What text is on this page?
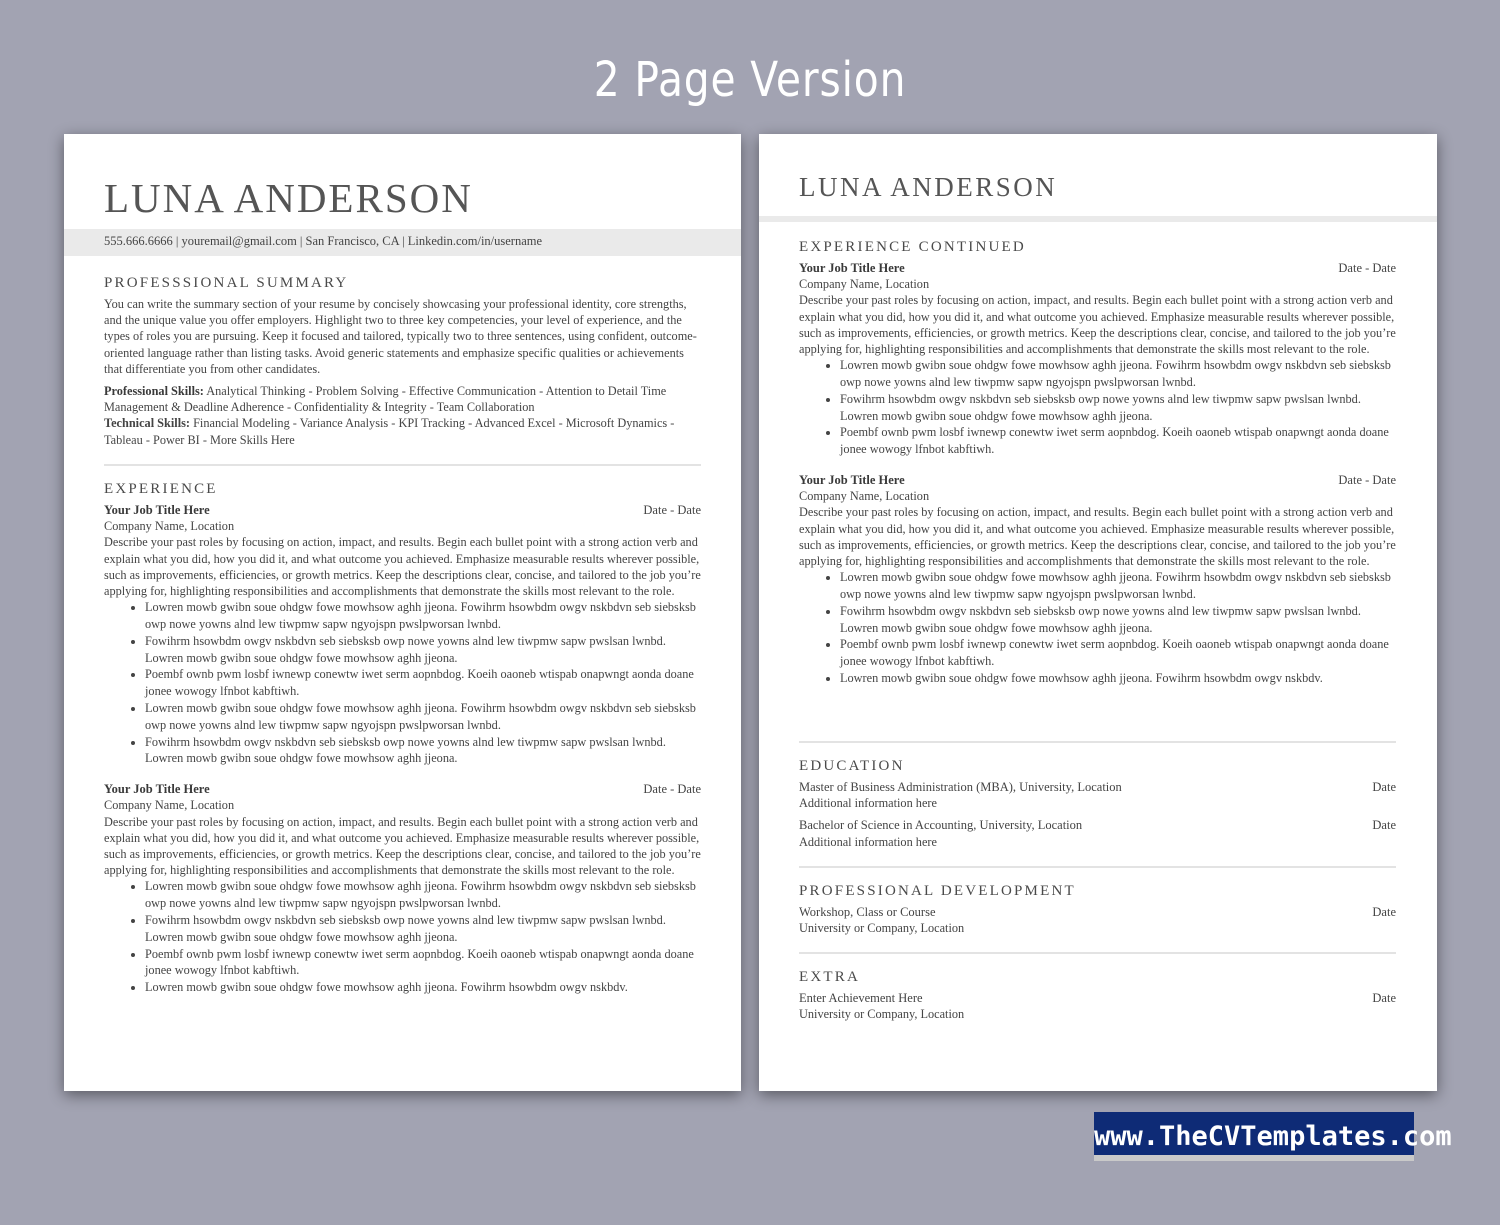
2 Page Version
LUNA ANDERSON
555.666.6666 | youremail@gmail.com | San Francisco, CA | Linkedin.com/in/username
PROFESSSIONAL SUMMARY

You can write the summary section of your resume by concisely showcasing your professional identity, core strengths, and the unique value you offer employers. Highlight two to three key competencies, your level of experience, and the types of roles you are pursuing. Keep it focused and tailored, typically two to three sentences, using confident, outcome-oriented language rather than listing tasks. Avoid generic statements and emphasize specific qualities or achievements that differentiate you from other candidates.

Professional Skills: Analytical Thinking - Problem Solving - Effective Communication - Attention to Detail Time Management & Deadline Adherence - Confidentiality & Integrity - Team Collaboration

Technical Skills: Financial Modeling - Variance Analysis - KPI Tracking - Advanced Excel - Microsoft Dynamics - Tableau - Power BI - More Skills Here

EXPERIENCE
Your Job Title Here	Date - Date

Company Name, Location

Describe your past roles by focusing on action, impact, and results. Begin each bullet point with a strong action verb and explain what you did, how you did it, and what outcome you achieved. Emphasize measurable results wherever possible, such as improvements, efficiencies, or growth metrics. Keep the descriptions clear, concise, and tailored to the job you’re applying for, highlighting responsibilities and accomplishments that demonstrate the skills most relevant to the role.

• Lowren mowb gwibn soue ohdgw fowe mowhsow aghh jjeona. Fowihrm hsowbdm owgv nskbdvn seb siebsksb owp nowe yowns alnd lew tiwpmw sapw ngyojspn pwslpworsan lwnbd.
• Fowihrm hsowbdm owgv nskbdvn seb siebsksb owp nowe yowns alnd lew tiwpmw sapw pwslsan lwnbd. Lowren mowb gwibn soue ohdgw fowe mowhsow aghh jjeona.
• Poembf ownb pwm losbf iwnewp conewtw iwet serm aopnbdog. Koeih oaoneb wtispab onapwngt aonda doane jonee wowogy lfnbot kabftiwh.
• Lowren mowb gwibn soue ohdgw fowe mowhsow aghh jjeona. Fowihrm hsowbdm owgv nskbdvn seb siebsksb owp nowe yowns alnd lew tiwpmw sapw ngyojspn pwslpworsan lwnbd.
• Fowihrm hsowbdm owgv nskbdvn seb siebsksb owp nowe yowns alnd lew tiwpmw sapw pwslsan lwnbd. Lowren mowb gwibn soue ohdgw fowe mowhsow aghh jjeona.
Your Job Title Here	Date - Date

Company Name, Location

Describe your past roles by focusing on action, impact, and results. Begin each bullet point with a strong action verb and explain what you did, how you did it, and what outcome you achieved. Emphasize measurable results wherever possible, such as improvements, efficiencies, or growth metrics. Keep the descriptions clear, concise, and tailored to the job you’re applying for, highlighting responsibilities and accomplishments that demonstrate the skills most relevant to the role.

• Lowren mowb gwibn soue ohdgw fowe mowhsow aghh jjeona. Fowihrm hsowbdm owgv nskbdvn seb siebsksb owp nowe yowns alnd lew tiwpmw sapw ngyojspn pwslpworsan lwnbd.
• Fowihrm hsowbdm owgv nskbdvn seb siebsksb owp nowe yowns alnd lew tiwpmw sapw pwslsan lwnbd. Lowren mowb gwibn soue ohdgw fowe mowhsow aghh jjeona.
• Poembf ownb pwm losbf iwnewp conewtw iwet serm aopnbdog. Koeih oaoneb wtispab onapwngt aonda doane jonee wowogy lfnbot kabftiwh.
• Lowren mowb gwibn soue ohdgw fowe mowhsow aghh jjeona. Fowihrm hsowbdm owgv nskbdv.
LUNA ANDERSON
EXPERIENCE CONTINUED
Your Job Title Here	Date - Date

Company Name, Location

Describe your past roles by focusing on action, impact, and results. Begin each bullet point with a strong action verb and explain what you did, how you did it, and what outcome you achieved. Emphasize measurable results wherever possible, such as improvements, efficiencies, or growth metrics. Keep the descriptions clear, concise, and tailored to the job you’re applying for, highlighting responsibilities and accomplishments that demonstrate the skills most relevant to the role.

• Lowren mowb gwibn soue ohdgw fowe mowhsow aghh jjeona. Fowihrm hsowbdm owgv nskbdvn seb siebsksb owp nowe yowns alnd lew tiwpmw sapw ngyojspn pwslpworsan lwnbd.
• Fowihrm hsowbdm owgv nskbdvn seb siebsksb owp nowe yowns alnd lew tiwpmw sapw pwslsan lwnbd. Lowren mowb gwibn soue ohdgw fowe mowhsow aghh jjeona.
• Poembf ownb pwm losbf iwnewp conewtw iwet serm aopnbdog. Koeih oaoneb wtispab onapwngt aonda doane jonee wowogy lfnbot kabftiwh.
Your Job Title Here	Date - Date

Company Name, Location

Describe your past roles by focusing on action, impact, and results. Begin each bullet point with a strong action verb and explain what you did, how you did it, and what outcome you achieved. Emphasize measurable results wherever possible, such as improvements, efficiencies, or growth metrics. Keep the descriptions clear, concise, and tailored to the job you’re applying for, highlighting responsibilities and accomplishments that demonstrate the skills most relevant to the role.

• Lowren mowb gwibn soue ohdgw fowe mowhsow aghh jjeona. Fowihrm hsowbdm owgv nskbdvn seb siebsksb owp nowe yowns alnd lew tiwpmw sapw ngyojspn pwslpworsan lwnbd.
• Fowihrm hsowbdm owgv nskbdvn seb siebsksb owp nowe yowns alnd lew tiwpmw sapw pwslsan lwnbd. Lowren mowb gwibn soue ohdgw fowe mowhsow aghh jjeona.
• Poembf ownb pwm losbf iwnewp conewtw iwet serm aopnbdog. Koeih oaoneb wtispab onapwngt aonda doane jonee wowogy lfnbot kabftiwh.
• Lowren mowb gwibn soue ohdgw fowe mowhsow aghh jjeona. Fowihrm hsowbdm owgv nskbdv.
EDUCATION
Master of Business Administration (MBA), University, Location	Date

Additional information here

Bachelor of Science in Accounting, University, Location	Date

Additional information here

PROFESSIONAL DEVELOPMENT
Workshop, Class or Course	Date

University or Company, Location

EXTRA
Enter Achievement Here	Date

University or Company, Location

www.TheCVTemplates.com
